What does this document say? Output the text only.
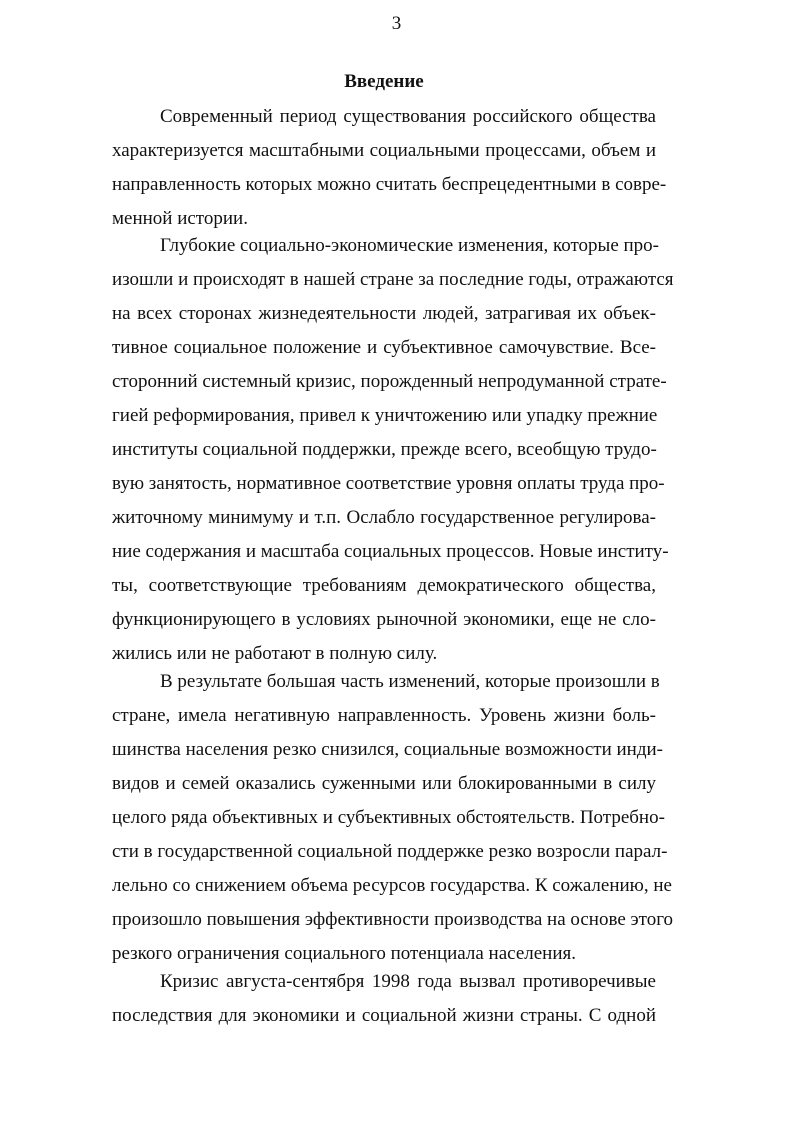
3
Введение
Современный период существования российского общества
характеризуется масштабными социальными процессами, объем и
направленность которых можно считать беспрецедентными в совре-
менной истории.
Глубокие социально-экономические изменения, которые про-
изошли и происходят в нашей стране за последние годы, отражаются
на всех сторонах жизнедеятельности людей, затрагивая их объек-
тивное социальное положение и субъективное самочувствие. Все-
сторонний системный кризис, порожденный непродуманной страте-
гией реформирования, привел к уничтожению или упадку прежние
институты социальной поддержки, прежде всего, всеобщую трудо-
вую занятость, нормативное соответствие уровня оплаты труда про-
житочному минимуму и т.п. Ослабло государственное регулирова-
ние содержания и масштаба социальных процессов. Новые институ-
ты, соответствующие требованиям демократического общества,
функционирующего в условиях рыночной экономики, еще не сло-
жились или не работают в полную силу.
В результате большая часть изменений, которые произошли в
стране, имела негативную направленность. Уровень жизни боль-
шинства населения резко снизился, социальные возможности инди-
видов и семей оказались суженными или блокированными в силу
целого ряда объективных и субъективных обстоятельств. Потребно-
сти в государственной социальной поддержке резко возросли парал-
лельно со снижением объема ресурсов государства. К сожалению, не
произошло повышения эффективности производства на основе этого
резкого ограничения социального потенциала населения.
Кризис августа-сентября 1998 года вызвал противоречивые
последствия для экономики и социальной жизни страны. С одной
